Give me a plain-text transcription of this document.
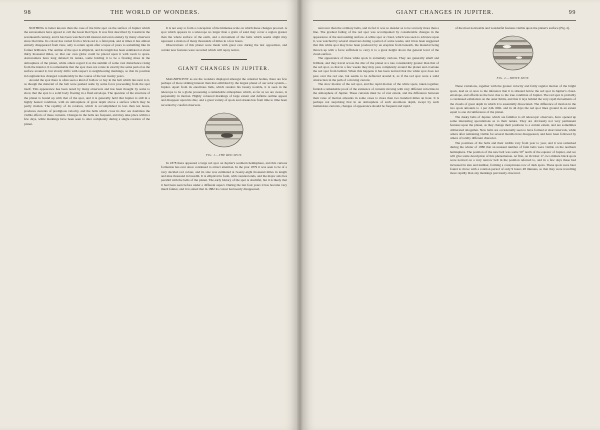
98	THE WORLD OF WONDERS.

NOTHING is better known than the case of the little spot on the surface of Jupiter which the astronomers have agreed to call the Great Red Spot. It was first described by Cassini in the seventeenth century, and it has been watched with interest and even anxiety by many observers since that time. Its colour has varied from a brick-red to a faint pink, and at times it has almost entirely disappeared from view, only to return again after a lapse of years to something like its former brilliance. The outline of the spot is elliptical, and its length has been estimated at about thirty thousand miles, so that our own globe could be placed upon it with room to spare. Astronomers have long debated its nature, some holding it to be a floating mass in the atmosphere of the planet, while others regard it as the summit of some vast disturbance rising from the interior. It is remarkable that the spot does not rotate in exactly the same period as the surface around it, but slowly drifts with respect to neighbouring markings, so that its position in longitude has changed considerably in the course of the last twenty years.

Around the spot there is often seen a kind of hollow or bay in the belt which lies next to it, as though the material of the belt were pushed aside by some force proceeding from the spot itself. This appearance has been noted by many observers and has been thought by some to show that the spot is a solid body floating in a fluid envelope. The question of the structure of the planet is bound up with that of the spot, and it is generally held that Jupiter is still in a highly heated condition, with an atmosphere of great depth above a surface which may be partly molten. The rapidity of its rotation, which is accomplished in less than ten hours, produces currents of prodigious velocity, and the belts which cross its disc are doubtless the visible effects of these currents. Changes in the belts are frequent, and may take place within a few days, while markings have been seen to alter completely during a single rotation of the planet.

It is not easy to form a conception of the immense scale on which these changes proceed. A spot which appears in a telescope no larger than a grain of sand may cover a region greater than the whole surface of the earth, and a movement of the belts which seems slight may represent a motion of many thousands of miles in a few hours.

Observations of this planet were made with great care during the last opposition, and certain new features were recorded which will repay notice.

GIANT CHANGES IN JUPITER.

MAGNIFICENT as are the wonders displayed amongst the celestial bodies, there are few perhaps of more striking interest than that exhibited by the largest planet of our solar system—Jupiter. Apart from its enormous bulk, which renders his beauty notable, it is seen in the telescope to be a globe possessing a remarkable atmosphere which, as far as we are aware, is perpetually in motion. Highly coloured markings of large extent and definite outline appear and disappear upon his disc, and a great variety of spots and streaks has from time to time been recorded by careful observers.

FIG. 1.—THE RED SPOT.

In 1878 there appeared a large red spot on Jupiter's southern hemisphere, and this curious formation has ever since continued to attract attention. In the year 1879 it was seen to be of a very decided red colour, and its size was estimated at twenty-eight thousand miles in length and nine thousand in breadth. It is elliptical in form, with rounded ends, and the major axis lies parallel with the belts of the planet. The early history of the spot is doubtful, but it is likely that it had been seen before under a different aspect. During the last four years it has become very much fainter, and it is stated that in 1882 its colour had nearly disappeared.

GIANT CHANGES IN JUPITER.	99

narrower than the ordinary belts, and in fact it was so slender as to be scarcely more than a line. The gradual fading of the red spot was accompanied by considerable changes in the appearance of the surrounding surface. A white spot or cloud, which was seen to advance upon it, was watched by several observers during a period of some weeks, and it has been suggested that this white spot may have been produced by an eruption from beneath, the material being thrown up with a force sufficient to carry it to a great height above the general level of the cloud-surface.

The appearance of these white spots is extremely curious. They are generally small and brilliant, and they travel across the disc of the planet at a rate considerably greater than that of the red spot, so that in a few weeks they may pass completely around the planet and overtake the red spot from behind. When this happens it has been noticed that the white spot does not pass over the red one, but seems to be deflected around it, as if the red spot were a solid obstruction in the path of a moving current.

The slow motion of the red spot, and the rapid motion of the white spots, taken together, furnish a remarkable proof of the existence of currents moving with very different velocities in the atmosphere of Jupiter. These currents must be of vast extent, and the difference between their rates of motion amounts in some cases to more than two hundred miles an hour. It is perhaps not surprising that in an atmosphere of such enormous depth, swept by such tremendous currents, changes of appearance should be frequent and rapid.

of the most noticeable and wonderful features visible upon the planet's surface (Fig. 2).

FIG. 2.—WHITE SPOT.

These variations, together with the greater velocity and fairly regular motion of the bright spots, lead us at once to the inference that it is situated below the red spot in Jupiter's cloud-envelope, and affords us the best clue to the true condition of Jupiter. The red spot is probably a condensed exhalation on the outer limits, and that it lays behind the very rapid movements of the clouds of great depth in which it is essentially dissociated. The difference of motion in the two spots amounts to 1 per 24h. 60m. and in 44 days the red spot lines ground in an extent equal to one circumference of the planet.

The dusky belts of Jupiter, which are familiar to all telescopic observers, have opened up some interesting speculations as to their nature. They are obviously not very permanent features upon the planet, as they change their positions to a certain extent, and are sometimes obliterated altogether. New belts are occasionally seen to have formed at short intervals, while others after remaining visible for several months have disappeared, and have been followed by others of totally different character.

The positions of the belts and their widths vary from year to year, and it was remarked during the winter of 1880 that an unusual number of faint belts were visible on the northern hemisphere. The position of the new belt was some 50° north of the equator of Jupiter, and we will give some description of this phenomenon. At first, on October 17, two minute black spots were noticed on a very narrow belt in the position referred to, and in a few days these had increased in size and number, forming a conspicuous row of dark spots. These spots were later found to move with a rotation period of only 9 hours 48 minutes, so that they were travelling more rapidly than any markings previously observed.
